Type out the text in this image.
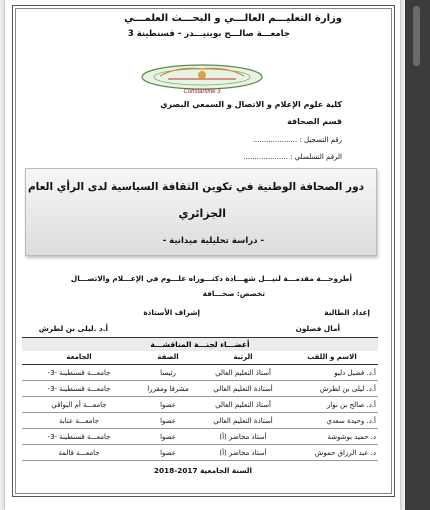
وزارة التعليـــم العالـــي و البحـــث العلمـــي
جامعـــة صالـــح بوبنيـــدر - قسنطينة 3
Constantine 3
كلية علوم الإعلام و الاتصال و السمعي البصري
قسم الصحافة
رقم التسجيل : ....................
الرقم التسلسلي : ....................
دور الصحافة الوطنية في تكوين الثقافة السياسية لدى الرأي العام
الجزائري
- دراسة تحليلية ميدانية -
أطروحـــة مقدمـــة لنيـــل شهـــادة دكتـــوراه علـــوم في الإعـــلام والاتصـــال
تخصص: صحـــافة
إعداد الطالبة
إشراف الأستاذة
أمال فضلون
أ.د .ليلى بن لطرش
أعضـــاء لجنـــة المناقشـــة
الاسم و اللقب	الرتبة	الصفة	الجامعة
أ.د. فضيل دليو	أستاذ التعليم العالي	رئيسا	جامعـــة قسنطينة -3-
أ.د. ليلى بن لطرش	أستاذة التعليم العالي	مشرفا ومقررا	جامعـــة قسنطينة -3-
أ.د. صالح بن نوار	أستاذ التعليم العالي	عضوا	جامعـــة أم البواقي
أ.د. وحيدة سعدي	أستاذة التعليم العالي	عضوا	جامعـــة عنابة
د. حميد بوشوشة	أستاذ محاضر (أ)	عضوا	جامعـــة قسنطينة -3-
د. عبد الرزاق حموش	أستاذ محاضر (أ)	عضوا	جامعـــة قالمة
السنة الجامعية 2017-2018
